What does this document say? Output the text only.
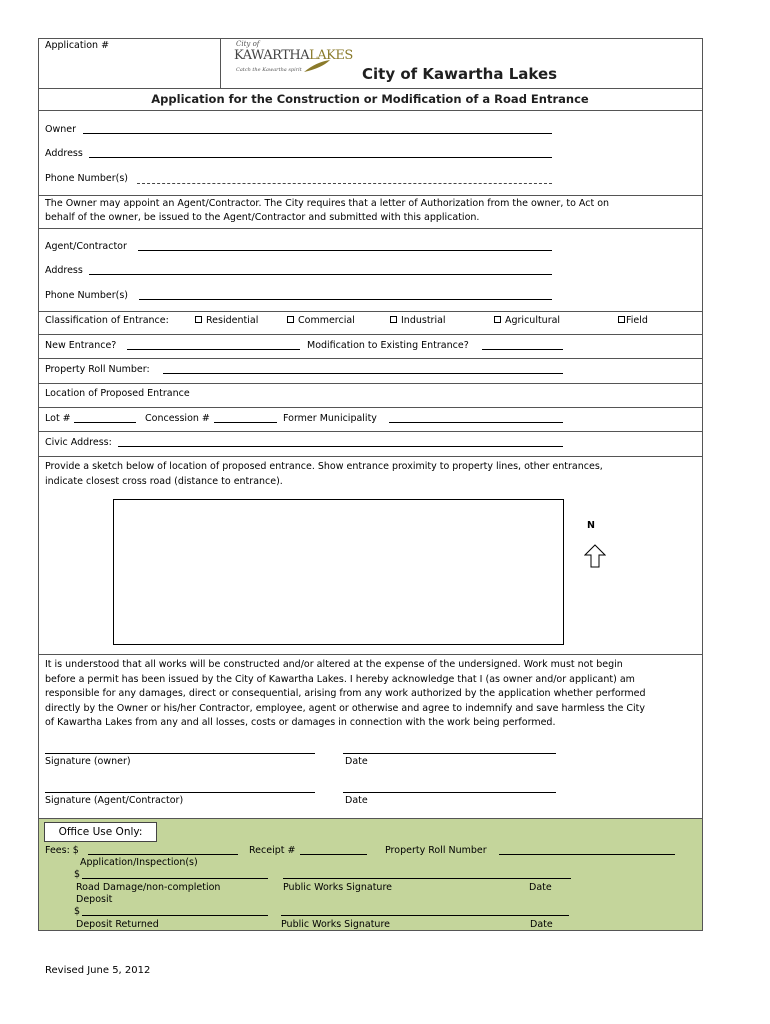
Application #	City of
KAWARTHALAKES
Catch the Kawartha spirit	City of Kawartha Lakes
Application for the Construction or Modification of a Road Entrance
Owner
Address
Phone Number(s)
The Owner may appoint an Agent/Contractor. The City requires that a letter of Authorization from the owner, to Act on
behalf of the owner, be issued to the Agent/Contractor and submitted with this application.
Agent/Contractor
Address
Phone Number(s)
Classification of Entrance:	Residential	Commercial	Industrial	Agricultural	Field
New Entrance?	Modification to Existing Entrance?
Property Roll Number:
Location of Proposed Entrance
Lot #	Concession #	Former Municipality
Civic Address:
Provide a sketch below of location of proposed entrance. Show entrance proximity to property lines, other entrances,
indicate closest cross road (distance to entrance).
N
It is understood that all works will be constructed and/or altered at the expense of the undersigned. Work must not begin
before a permit has been issued by the City of Kawartha Lakes. I hereby acknowledge that I (as owner and/or applicant) am
responsible for any damages, direct or consequential, arising from any work authorized by the application whether performed
directly by the Owner or his/her Contractor, employee, agent or otherwise and agree to indemnify and save harmless the City
of Kawartha Lakes from any and all losses, costs or damages in connection with the work being performed.
Signature (owner)	Date
Signature (Agent/Contractor)	Date
Office Use Only:
Fees: $	Receipt #	Property Roll Number
Application/Inspection(s)
$
Road Damage/non-completion	Public Works Signature	Date
Deposit
$
Deposit Returned	Public Works Signature	Date
Revised June 5, 2012
